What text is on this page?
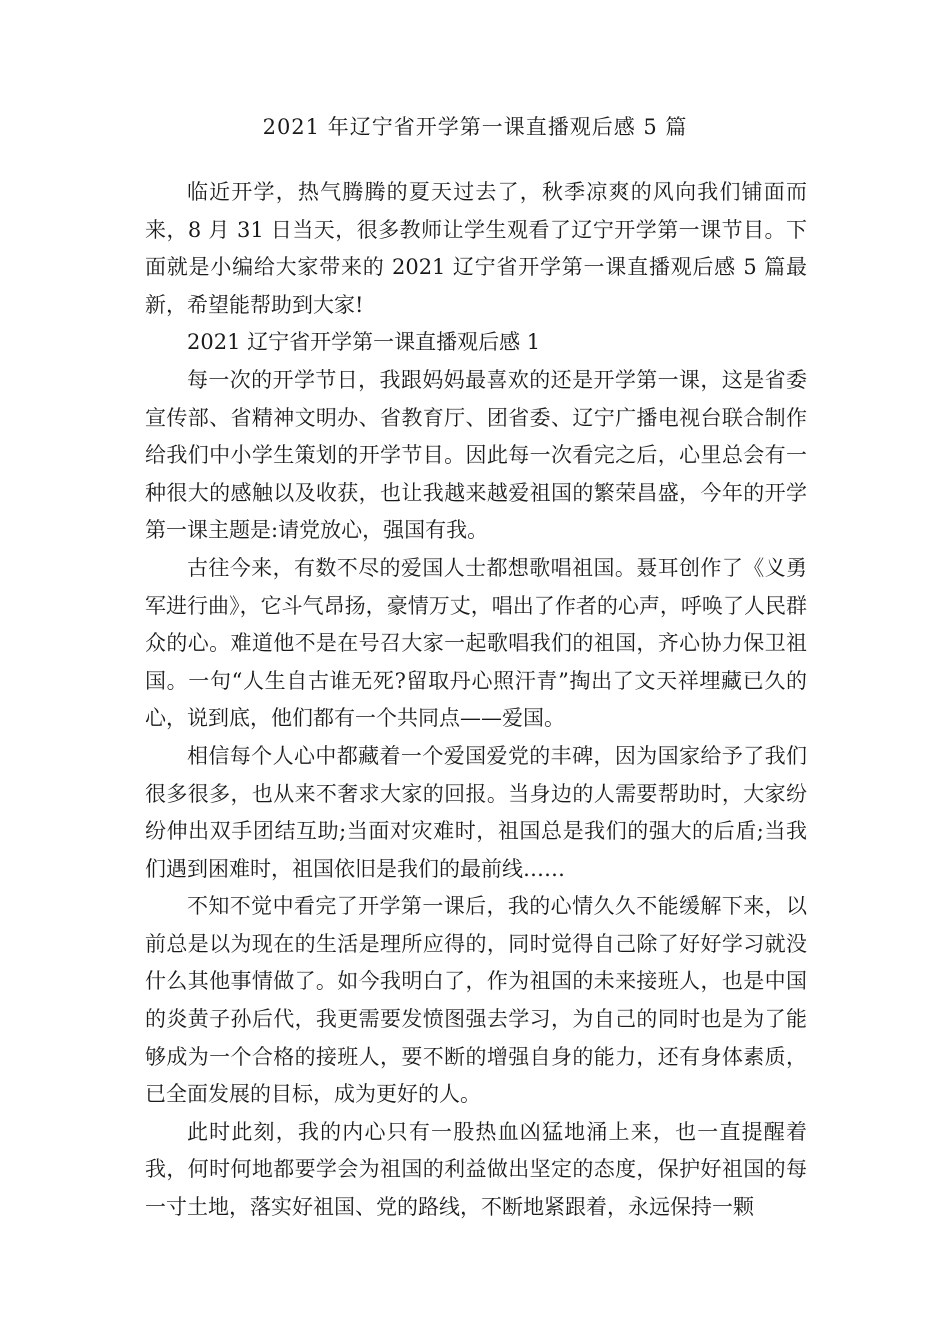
2021 年辽宁省开学第一课直播观后感 5 篇

临近开学，热气腾腾的夏天过去了，秋季凉爽的风向我们铺面而来，8 月 31 日当天，很多教师让学生观看了辽宁开学第一课节目。下面就是小编给大家带来的 2021 辽宁省开学第一课直播观后感 5 篇最新，希望能帮助到大家!

2021 辽宁省开学第一课直播观后感 1

每一次的开学节日，我跟妈妈最喜欢的还是开学第一课，这是省委宣传部、省精神文明办、省教育厅、团省委、辽宁广播电视台联合制作给我们中小学生策划的开学节目。因此每一次看完之后，心里总会有一种很大的感触以及收获，也让我越来越爱祖国的繁荣昌盛，今年的开学第一课主题是:请党放心，强国有我。

古往今来，有数不尽的爱国人士都想歌唱祖国。聂耳创作了《义勇军进行曲》，它斗气昂扬，豪情万丈，唱出了作者的心声，呼唤了人民群众的心。难道他不是在号召大家一起歌唱我们的祖国，齐心协力保卫祖国。一句“人生自古谁无死?留取丹心照汗青”掏出了文天祥埋藏已久的心，说到底，他们都有一个共同点——爱国。

相信每个人心中都藏着一个爱国爱党的丰碑，因为国家给予了我们很多很多，也从来不奢求大家的回报。当身边的人需要帮助时，大家纷纷伸出双手团结互助;当面对灾难时，祖国总是我们的强大的后盾;当我们遇到困难时，祖国依旧是我们的最前线……

不知不觉中看完了开学第一课后，我的心情久久不能缓解下来，以前总是以为现在的生活是理所应得的，同时觉得自己除了好好学习就没什么其他事情做了。如今我明白了，作为祖国的未来接班人，也是中国的炎黄子孙后代，我更需要发愤图强去学习，为自己的同时也是为了能够成为一个合格的接班人，要不断的增强自身的能力，还有身体素质，已全面发展的目标，成为更好的人。

此时此刻，我的内心只有一股热血凶猛地涌上来，也一直提醒着我，何时何地都要学会为祖国的利益做出坚定的态度，保护好祖国的每一寸土地，落实好祖国、党的路线，不断地紧跟着，永远保持一颗
